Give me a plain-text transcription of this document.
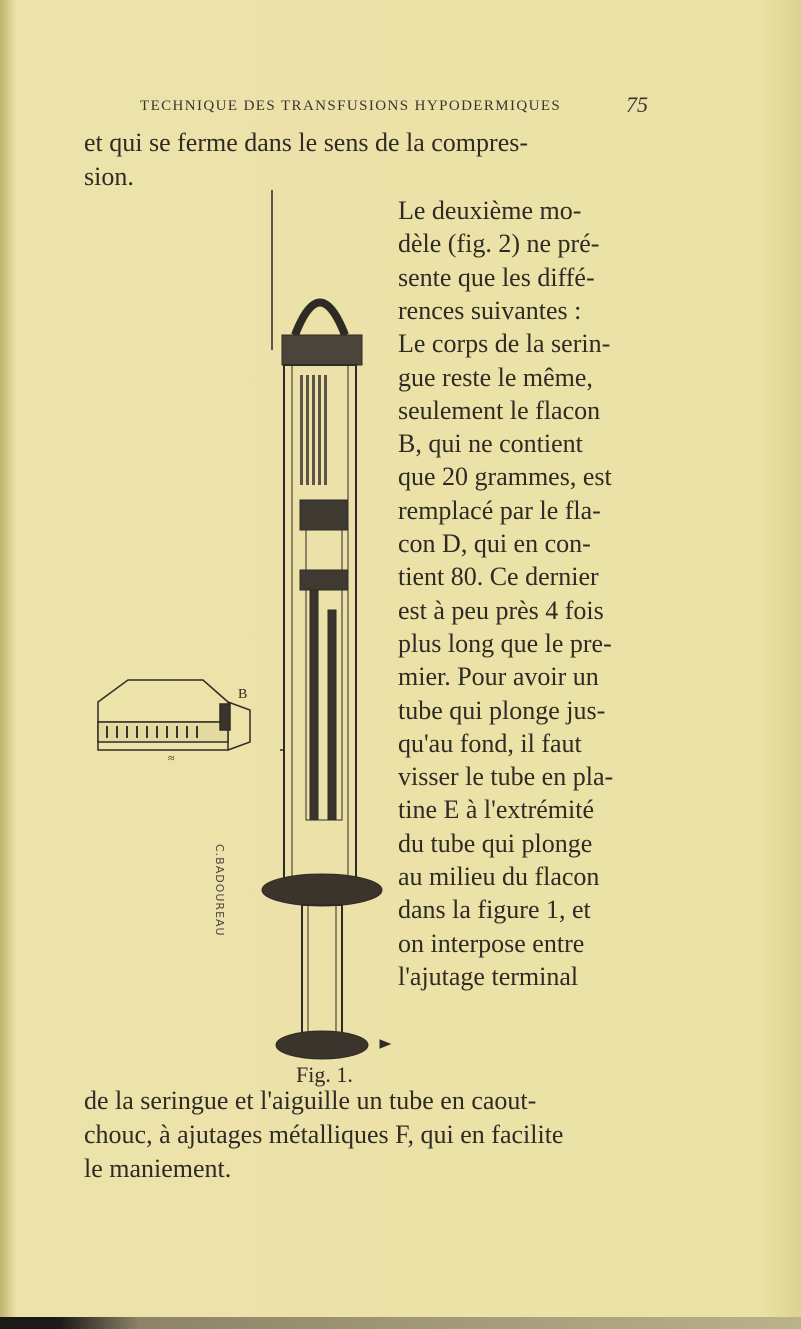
TECHNIQUE DES TRANSFUSIONS HYPODERMIQUES	75
et qui se ferme dans le sens de la compres-
sion.
Le deuxième mo-
dèle (fig. 2) ne pré-
sente que les diffé-
rences suivantes :
Le corps de la serin-
gue reste le même,
seulement le flacon
B, qui ne contient
que 20 grammes, est
remplacé par le fla-
con D, qui en con-
tient 80. Ce dernier
est à peu près 4 fois
plus long que le pre-
mier. Pour avoir un
tube qui plonge jus-
qu'au fond, il faut
visser le tube en pla-
tine E à l'extrémité
du tube qui plonge
au milieu du flacon
dans la figure 1, et
on interpose entre
l'ajutage terminal
B
≈
C.BADOUREAU
Fig. 1.
de la seringue et l'aiguille un tube en caout-
chouc, à ajutages métalliques F, qui en facilite
le maniement.
